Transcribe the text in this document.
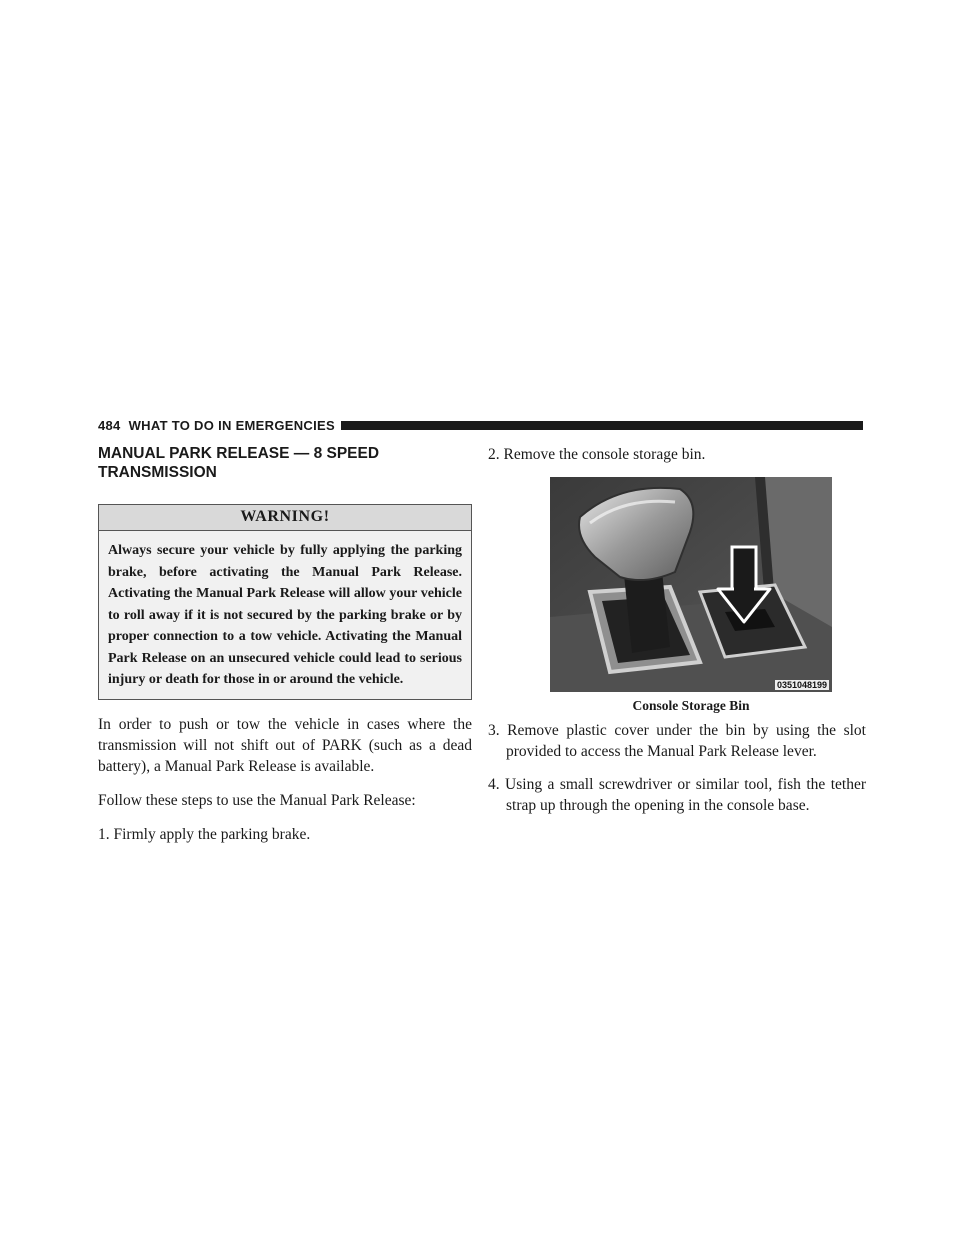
484 WHAT TO DO IN EMERGENCIES
MANUAL PARK RELEASE — 8 SPEED TRANSMISSION
WARNING!
Always secure your vehicle by fully applying the parking brake, before activating the Manual Park Release. Activating the Manual Park Release will allow your vehicle to roll away if it is not secured by the parking brake or by proper connection to a tow vehicle. Activating the Manual Park Release on an unsecured vehicle could lead to serious injury or death for those in or around the vehicle.

In order to push or tow the vehicle in cases where the transmission will not shift out of PARK (such as a dead battery), a Manual Park Release is available.

Follow these steps to use the Manual Park Release:

1. Firmly apply the parking brake.

2. Remove the console storage bin.

0351048199
Console Storage Bin

3. Remove plastic cover under the bin by using the slot provided to access the Manual Park Release lever.

4. Using a small screwdriver or similar tool, fish the tether strap up through the opening in the console base.
